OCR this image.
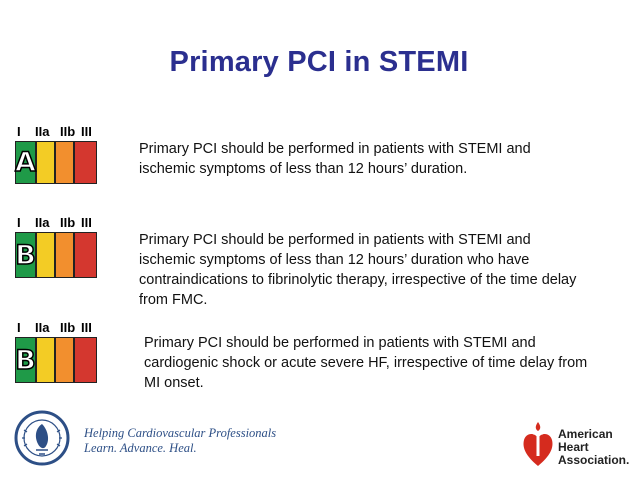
Primary PCI in STEMI
I IIa IIb III
A	Primary PCI should be performed in patients with STEMI and ischemic symptoms of less than 12 hours’ duration.
I IIa IIb III
B	Primary PCI should be performed in patients with STEMI and ischemic symptoms of less than 12 hours’ duration who have contraindications to fibrinolytic therapy, irrespective of the time delay from FMC.
I IIa IIb III
B
Primary PCI should be performed in patients with STEMI and cardiogenic shock or acute severe HF, irrespective of time delay from MI onset.
Helping Cardiovascular Professionals
Learn. Advance. Heal.
American
Heart
Association.
